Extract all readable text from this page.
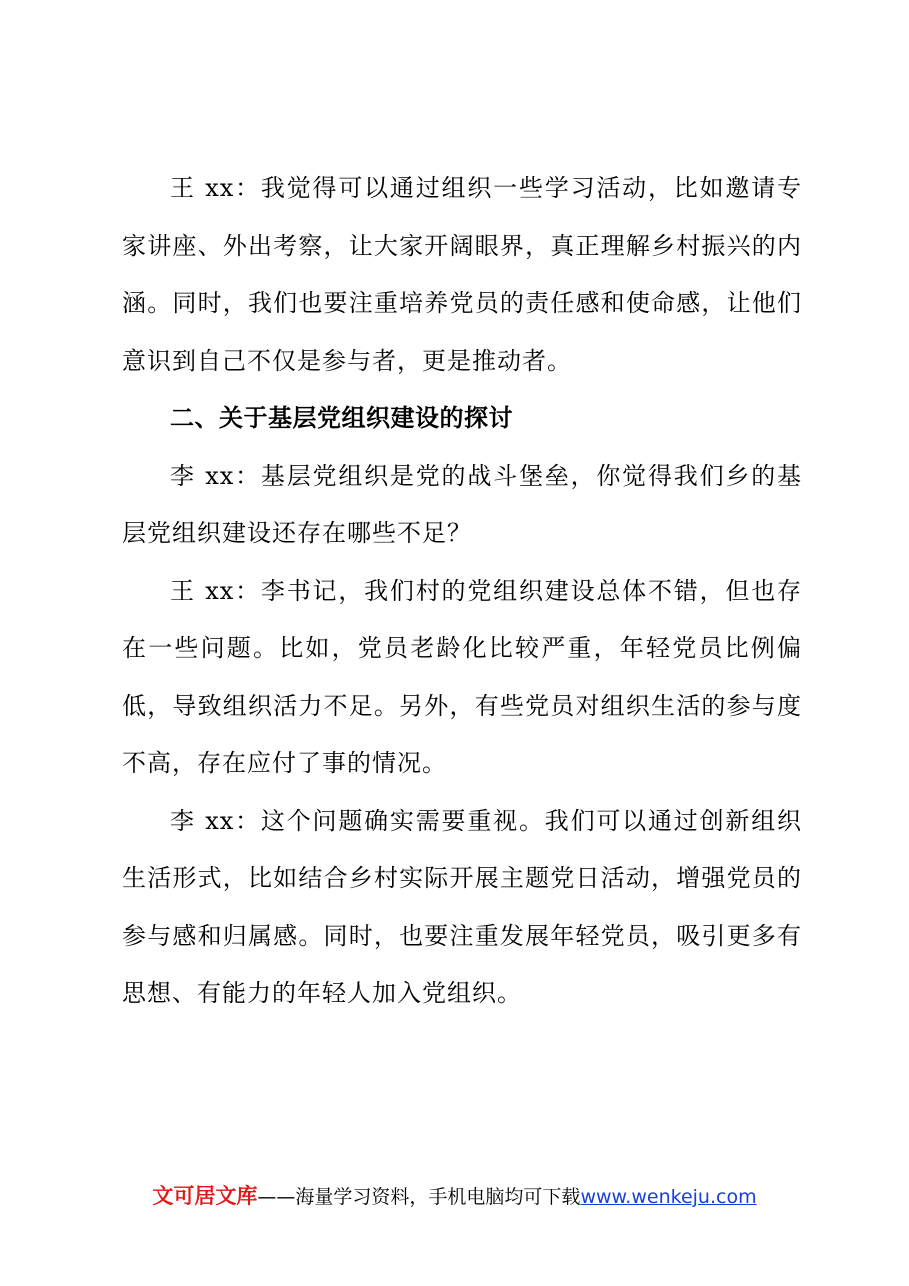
王 xx：我觉得可以通过组织一些学习活动，比如邀请专家讲座、外出考察，让大家开阔眼界，真正理解乡村振兴的内涵。同时，我们也要注重培养党员的责任感和使命感，让他们意识到自己不仅是参与者，更是推动者。

二、关于基层党组织建设的探讨

李 xx：基层党组织是党的战斗堡垒，你觉得我们乡的基层党组织建设还存在哪些不足？

王 xx：李书记，我们村的党组织建设总体不错，但也存在一些问题。比如，党员老龄化比较严重，年轻党员比例偏低，导致组织活力不足。另外，有些党员对组织生活的参与度不高，存在应付了事的情况。

李 xx：这个问题确实需要重视。我们可以通过创新组织生活形式，比如结合乡村实际开展主题党日活动，增强党员的参与感和归属感。同时，也要注重发展年轻党员，吸引更多有思想、有能力的年轻人加入党组织。

文可居文库——海量学习资料，手机电脑均可下载www.wenkeju.com
